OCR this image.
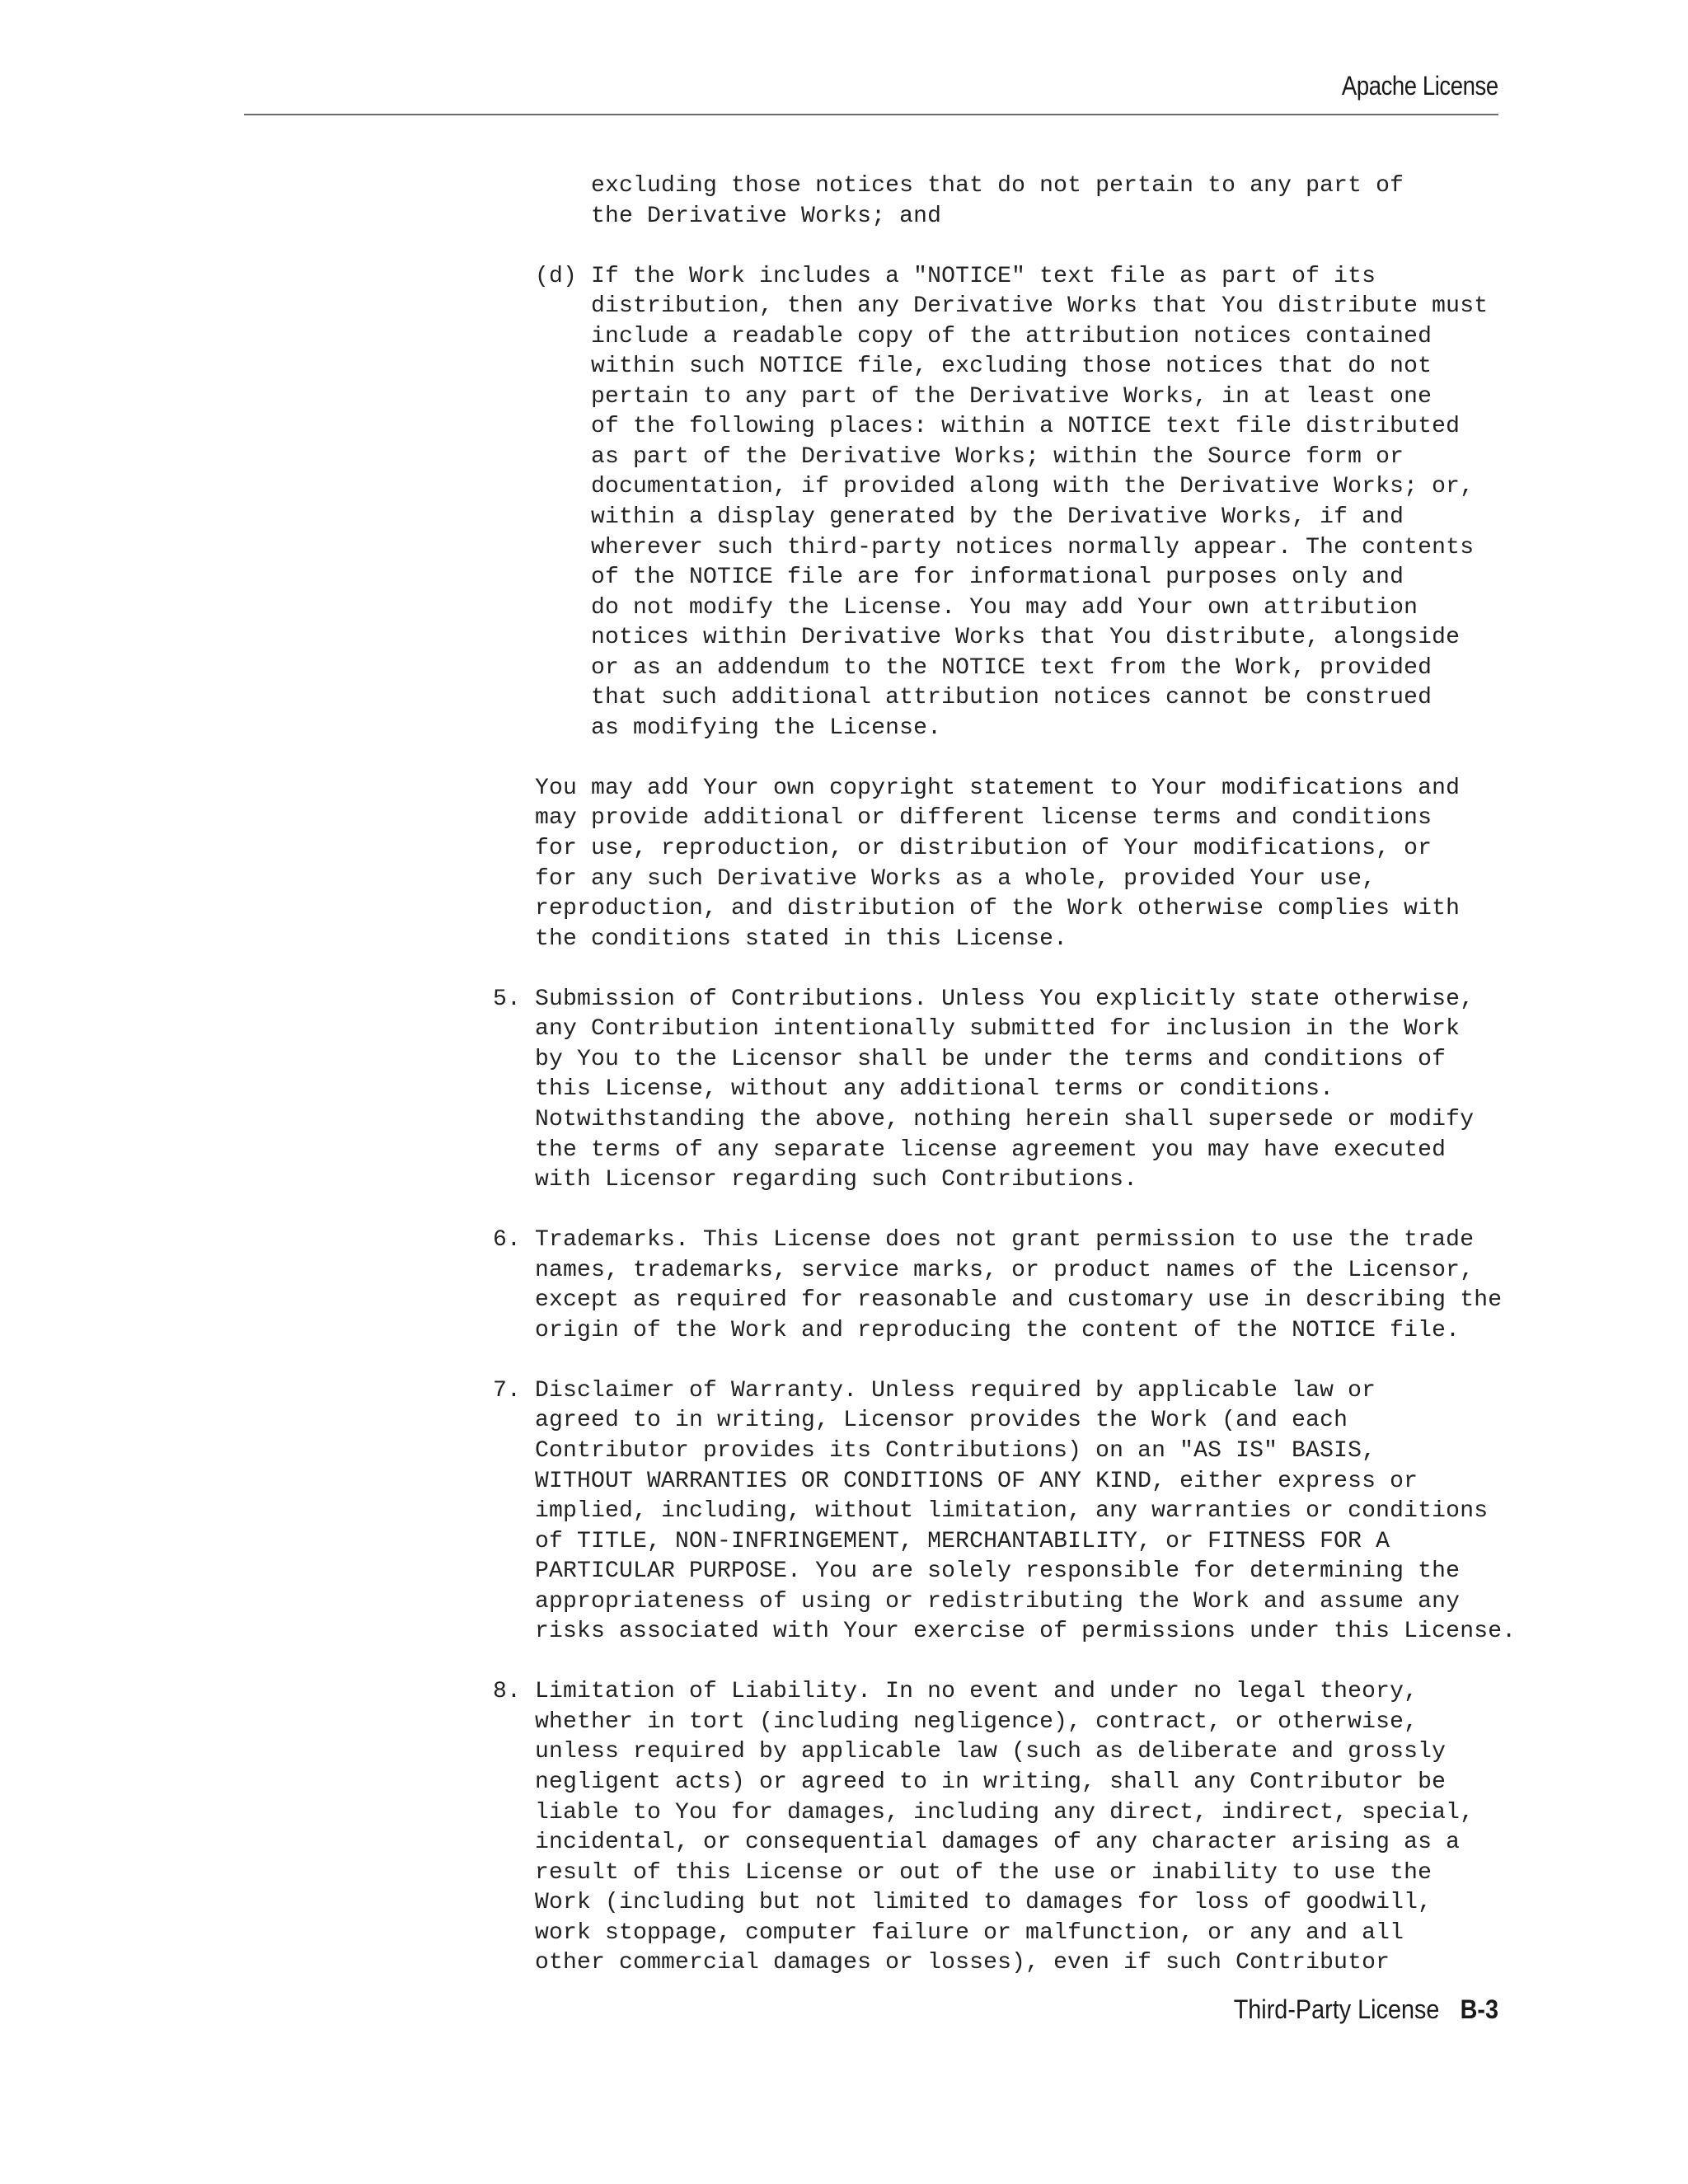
Apache License
excluding those notices that do not pertain to any part of
the Derivative Works; and

(d) If the Work includes a "NOTICE" text file as part of its
distribution, then any Derivative Works that You distribute must
include a readable copy of the attribution notices contained
within such NOTICE file, excluding those notices that do not
pertain to any part of the Derivative Works, in at least one
of the following places: within a NOTICE text file distributed
as part of the Derivative Works; within the Source form or
documentation, if provided along with the Derivative Works; or,
within a display generated by the Derivative Works, if and
wherever such third-party notices normally appear. The contents
of the NOTICE file are for informational purposes only and
do not modify the License. You may add Your own attribution
notices within Derivative Works that You distribute, alongside
or as an addendum to the NOTICE text from the Work, provided
that such additional attribution notices cannot be construed
as modifying the License.

You may add Your own copyright statement to Your modifications and
may provide additional or different license terms and conditions
for use, reproduction, or distribution of Your modifications, or
for any such Derivative Works as a whole, provided Your use,
reproduction, and distribution of the Work otherwise complies with
the conditions stated in this License.

5. Submission of Contributions. Unless You explicitly state otherwise,
any Contribution intentionally submitted for inclusion in the Work
by You to the Licensor shall be under the terms and conditions of
this License, without any additional terms or conditions.
Notwithstanding the above, nothing herein shall supersede or modify
the terms of any separate license agreement you may have executed
with Licensor regarding such Contributions.

6. Trademarks. This License does not grant permission to use the trade
names, trademarks, service marks, or product names of the Licensor,
except as required for reasonable and customary use in describing the
origin of the Work and reproducing the content of the NOTICE file.

7. Disclaimer of Warranty. Unless required by applicable law or
agreed to in writing, Licensor provides the Work (and each
Contributor provides its Contributions) on an "AS IS" BASIS,
WITHOUT WARRANTIES OR CONDITIONS OF ANY KIND, either express or
implied, including, without limitation, any warranties or conditions
of TITLE, NON-INFRINGEMENT, MERCHANTABILITY, or FITNESS FOR A
PARTICULAR PURPOSE. You are solely responsible for determining the
appropriateness of using or redistributing the Work and assume any
risks associated with Your exercise of permissions under this License.

8. Limitation of Liability. In no event and under no legal theory,
whether in tort (including negligence), contract, or otherwise,
unless required by applicable law (such as deliberate and grossly
negligent acts) or agreed to in writing, shall any Contributor be
liable to You for damages, including any direct, indirect, special,
incidental, or consequential damages of any character arising as a
result of this License or out of the use or inability to use the
Work (including but not limited to damages for loss of goodwill,
work stoppage, computer failure or malfunction, or any and all
other commercial damages or losses), even if such Contributor
Third-Party License B-3
